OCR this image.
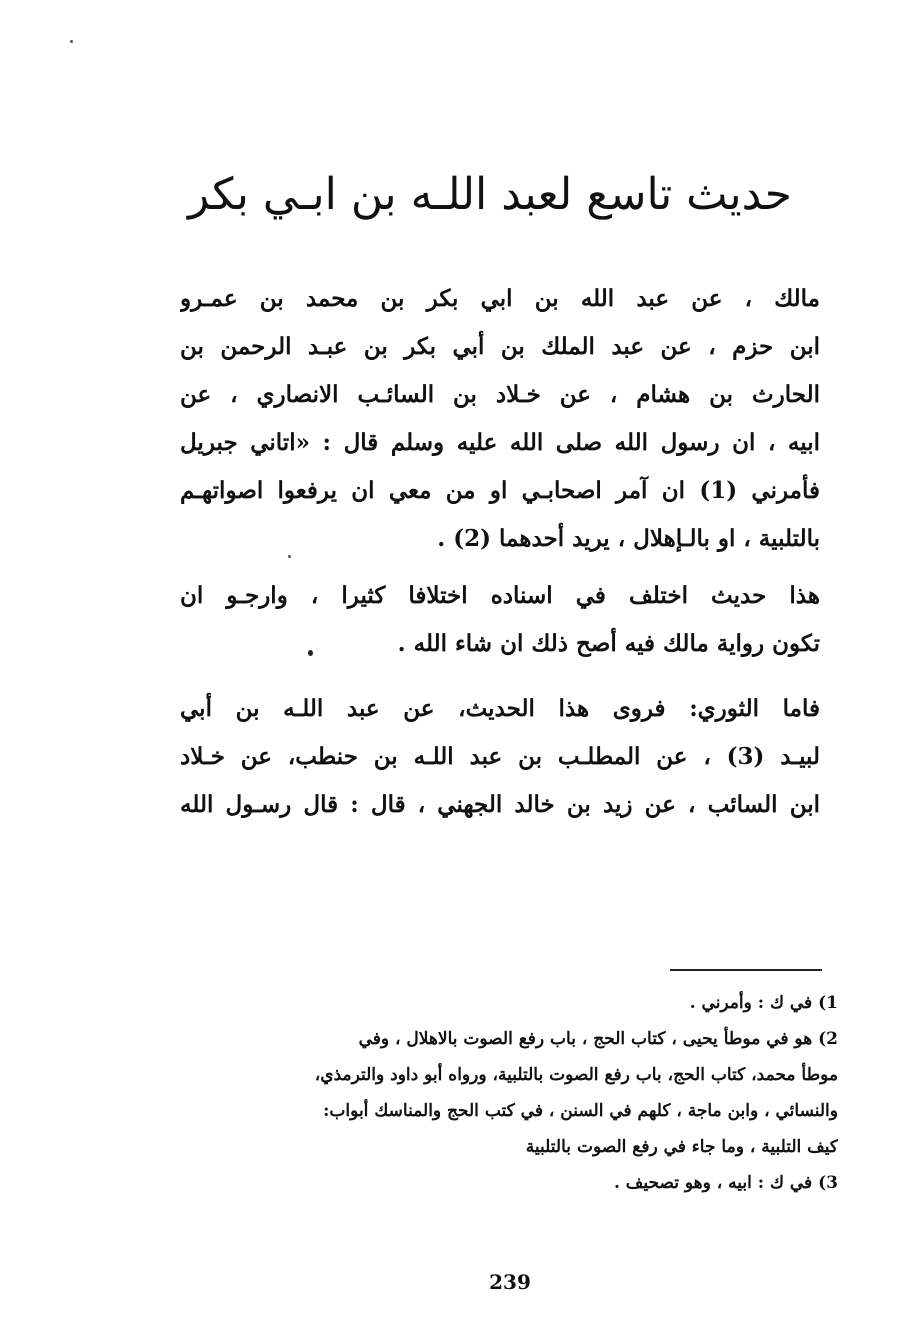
حديث تاسع لعبد اللـه بن ابـي بكر
مالك ، عن عبد الله بن ابي بكر بن محمد بن عمـرو
ابن حزم ، عن عبد الملك بن أبي بكر بن عبـد الرحمن بن
الحارث بن هشام ، عن خـلاد بن السائـب الانصاري ، عن
ابيه ، ان رسول الله صلى الله عليه وسلم قال : «اتاني جبريل
فأمرني (1) ان آمر اصحابـي او من معي ان يرفعوا اصواتهـم
بالتلبية ، او بالـإهلال ، يريد أحدهما (2) .
هذا حديث اختلف في اسناده اختلافا كثيرا ، وارجـو ان
تكون رواية مالك فيه أصح ذلك ان شاء الله .
فاما الثوري: فروى هذا الحديث، عن عبد اللـه بن أبي
لبيـد (3) ، عن المطلـب بن عبد اللـه بن حنطب، عن خـلاد
ابن السائب ، عن زيد بن خالد الجهني ، قال : قال رسـول الله
1) في ك : وأمرني .
2) هو في موطأ يحيى ، كتاب الحج ، باب رفع الصوت بالاهلال ، وفي
موطأ محمد، كتاب الحج، باب رفع الصوت بالتلبية، ورواه أبو داود والترمذي،
والنسائي ، وابن ماجة ، كلهم في السنن ، في كتب الحج والمناسك أبواب:
كيف التلبية ، وما جاء في رفع الصوت بالتلبية
3) في ك : ابيه ، وهو تصحيف .
239
